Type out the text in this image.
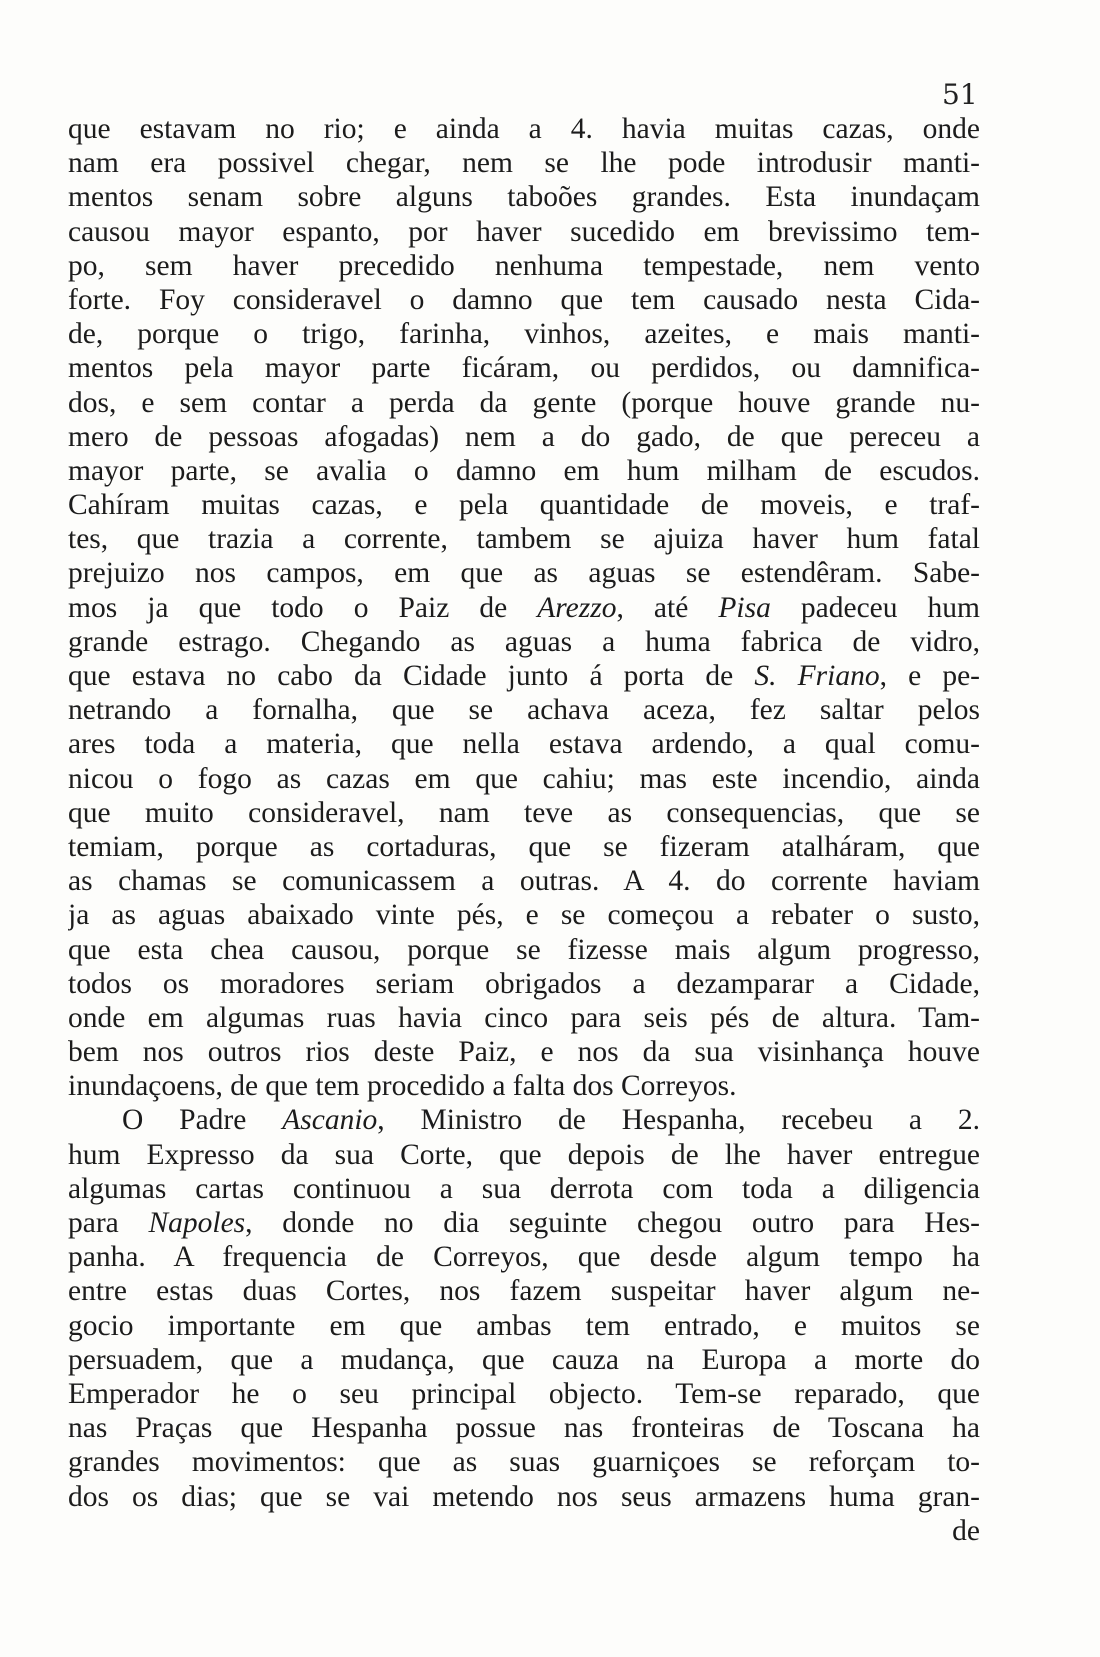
51
que estavam no rio; e ainda a 4. havia muitas cazas, onde
nam era possivel chegar, nem se lhe pode introdusir manti-
mentos senam sobre alguns taboões grandes. Esta inundaçam
causou mayor espanto, por haver sucedido em brevissimo tem-
po, sem haver precedido nenhuma tempestade, nem vento
forte. Foy consideravel o damno que tem causado nesta Cida-
de, porque o trigo, farinha, vinhos, azeites, e mais manti-
mentos pela mayor parte ficáram, ou perdidos, ou damnifica-
dos, e sem contar a perda da gente (porque houve grande nu-
mero de pessoas afogadas) nem a do gado, de que pereceu a
mayor parte, se avalia o damno em hum milham de escudos.
Cahíram muitas cazas, e pela quantidade de moveis, e traf-
tes, que trazia a corrente, tambem se ajuiza haver hum fatal
prejuizo nos campos, em que as aguas se estendêram. Sabe-
mos ja que todo o Paiz de Arezzo, até Pisa padeceu hum
grande estrago. Chegando as aguas a huma fabrica de vidro,
que estava no cabo da Cidade junto á porta de S. Friano, e pe-
netrando a fornalha, que se achava aceza, fez saltar pelos
ares toda a materia, que nella estava ardendo, a qual comu-
nicou o fogo as cazas em que cahiu; mas este incendio, ainda
que muito consideravel, nam teve as consequencias, que se
temiam, porque as cortaduras, que se fizeram atalháram, que
as chamas se comunicassem a outras. A 4. do corrente haviam
ja as aguas abaixado vinte pés, e se começou a rebater o susto,
que esta chea causou, porque se fizesse mais algum progresso,
todos os moradores seriam obrigados a dezamparar a Cidade,
onde em algumas ruas havia cinco para seis pés de altura. Tam-
bem nos outros rios deste Paiz, e nos da sua visinhança houve
inundaçoens, de que tem procedido a falta dos Correyos.
O Padre Ascanio, Ministro de Hespanha, recebeu a 2.
hum Expresso da sua Corte, que depois de lhe haver entregue
algumas cartas continuou a sua derrota com toda a diligencia
para Napoles, donde no dia seguinte chegou outro para Hes-
panha. A frequencia de Correyos, que desde algum tempo ha
entre estas duas Cortes, nos fazem suspeitar haver algum ne-
gocio importante em que ambas tem entrado, e muitos se
persuadem, que a mudança, que cauza na Europa a morte do
Emperador he o seu principal objecto. Tem-se reparado, que
nas Praças que Hespanha possue nas fronteiras de Toscana ha
grandes movimentos: que as suas guarniçoes se reforçam to-
dos os dias; que se vai metendo nos seus armazens huma gran-
de
